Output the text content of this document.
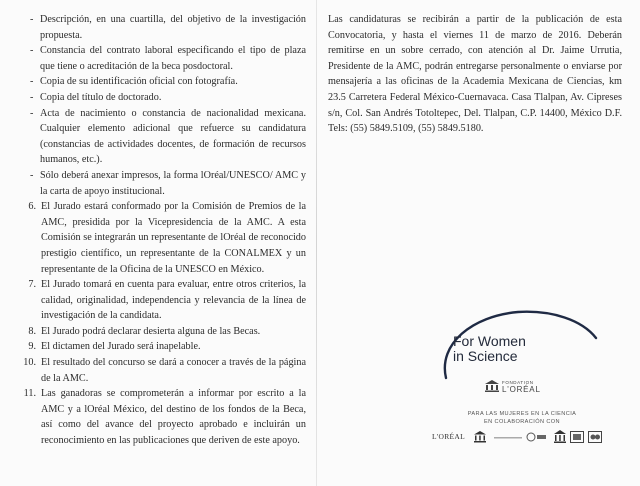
- Descripción, en una cuartilla, del objetivo de la investigación propuesta.
- Constancia del contrato laboral especificando el tipo de plaza que tiene o acreditación de la beca posdoctoral.
- Copia de su identificación oficial con fotografía.
- Copia del título de doctorado.
- Acta de nacimiento o constancia de nacionalidad mexicana. Cualquier elemento adicional que refuerce su candidatura (constancias de actividades docentes, de formación de recursos humanos, etc.).
- Sólo deberá anexar impresos, la forma lOréal/UNESCO/ AMC y la carta de apoyo institucional.
6. El Jurado estará conformado por la Comisión de Premios de la AMC, presidida por la Vicepresidencia de la AMC. A esta Comisión se integrarán un representante de lOréal de reconocido prestigio científico, un representante de la CONALMEX y un representante de la Oficina de la UNESCO en México.
7. El Jurado tomará en cuenta para evaluar, entre otros criterios, la calidad, originalidad, independencia y relevancia de la línea de investigación de la candidata.
8. El Jurado podrá declarar desierta alguna de las Becas.
9. El dictamen del Jurado será inapelable.
10. El resultado del concurso se dará a conocer a través de la página de la AMC.
11. Las ganadoras se comprometerán a informar por escrito a la AMC y a lOréal México, del destino de los fondos de la Beca, así como del avance del proyecto aprobado e incluirán un reconocimiento en las publicaciones que deriven de este apoyo.

Las candidaturas se recibirán a partir de la publicación de esta Convocatoria, y hasta el viernes 11 de marzo de 2016. Deberán remitirse en un sobre cerrado, con atención al Dr. Jaime Urrutia, Presidente de la AMC, podrán entregarse personalmente o enviarse por mensajería a las oficinas de la Academia Mexicana de Ciencias, km 23.5 Carretera Federal México-Cuernavaca. Casa Tlalpan, Av. Cipreses s/n, Col. San Andrés Totoltepec, Del. Tlalpan, C.P. 14400, México D.F. Tels: (55) 5849.5109, (55) 5849.5180.

For Women
in Science
FONDATION
L'ORÉAL
PARA LAS MUJERES EN LA CIENCIA
EN COLABORACIÓN CON
L'ORÉAL
